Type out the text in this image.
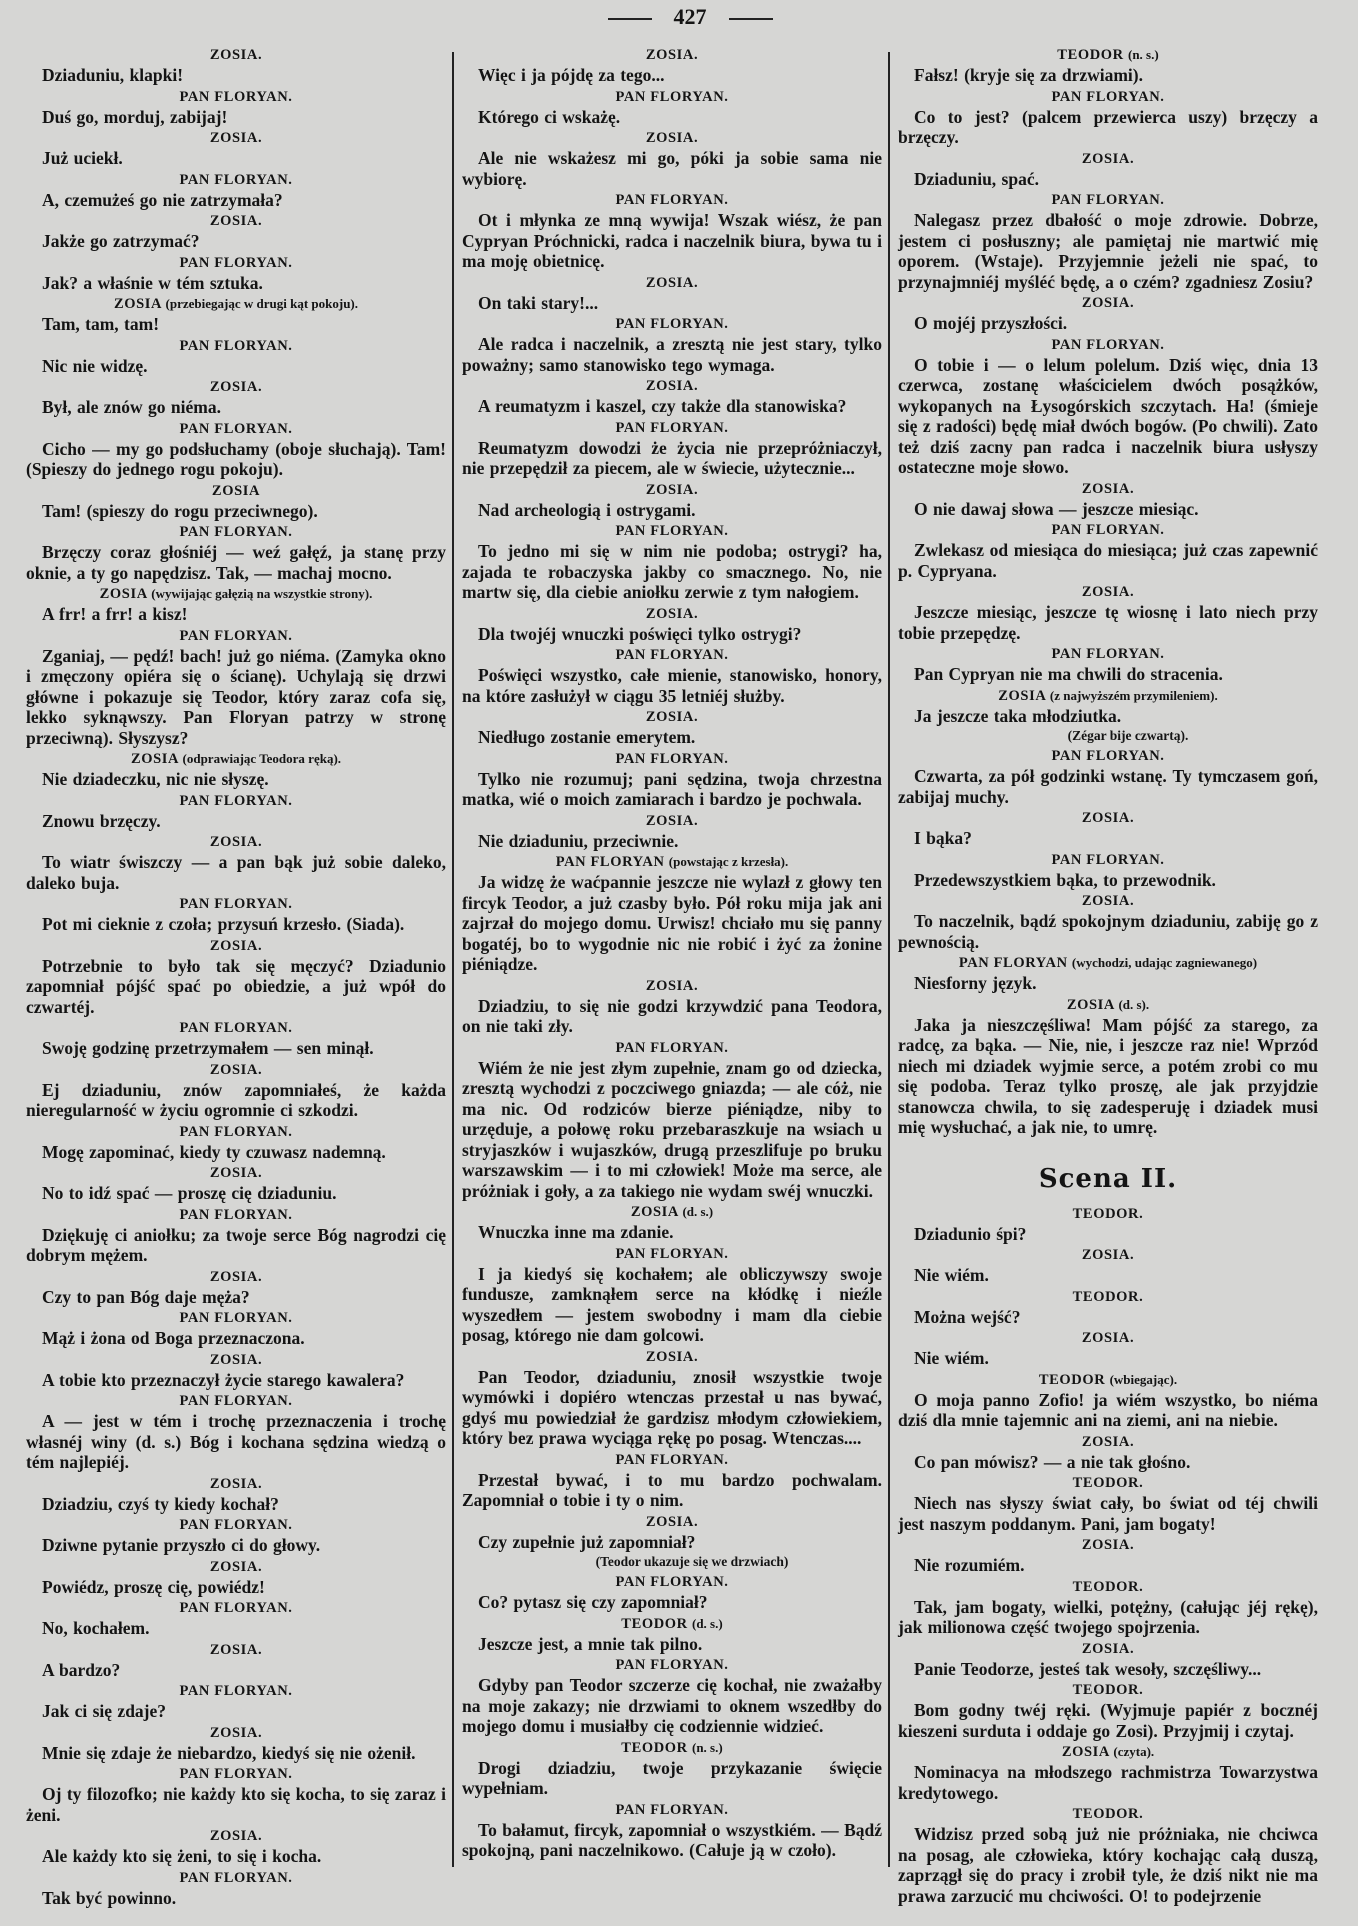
427
ZOSIA.

Dziaduniu, klapki!

PAN FLORYAN.

Duś go, morduj, zabijaj!

ZOSIA.

Już uciekł.

PAN FLORYAN.

A, czemużeś go nie zatrzymała?

ZOSIA.

Jakże go zatrzymać?

PAN FLORYAN.

Jak? a właśnie w tém sztuka.

ZOSIA (przebiegając w drugi kąt pokoju).

Tam, tam, tam!

PAN FLORYAN.

Nic nie widzę.

ZOSIA.

Był, ale znów go niéma.

PAN FLORYAN.

Cicho — my go podsłuchamy (oboje słuchają). Tam! (Spieszy do jednego rogu pokoju).

ZOSIA

Tam! (spieszy do rogu przeciwnego).

PAN FLORYAN.

Brzęczy coraz głośniéj — weź gałęź, ja stanę przy oknie, a ty go napędzisz. Tak, — machaj mocno.

ZOSIA (wywijając gałęzią na wszystkie strony).

A frr! a frr! a kisz!

PAN FLORYAN.

Zganiaj, — pędź! bach! już go niéma. (Zamyka okno i zmęczony opiéra się o ścianę). Uchylają się drzwi główne i pokazuje się Teodor, który zaraz cofa się, lekko syknąwszy. Pan Floryan patrzy w stronę przeciwną). Słyszysz?

ZOSIA (odprawiając Teodora ręką).

Nie dziadeczku, nic nie słyszę.

PAN FLORYAN.

Znowu brzęczy.

ZOSIA.

To wiatr świszczy — a pan bąk już sobie daleko, daleko buja.

PAN FLORYAN.

Pot mi cieknie z czoła; przysuń krzesło. (Siada).

ZOSIA.

Potrzebnie to było tak się męczyć? Dziadunio zapomniał pójść spać po obiedzie, a już wpół do czwartéj.

PAN FLORYAN.

Swoję godzinę przetrzymałem — sen minął.

ZOSIA.

Ej dziaduniu, znów zapomniałeś, że każda nieregularność w życiu ogromnie ci szkodzi.

PAN FLORYAN.

Mogę zapominać, kiedy ty czuwasz nademną.

ZOSIA.

No to idź spać — proszę cię dziaduniu.

PAN FLORYAN.

Dziękuję ci aniołku; za twoje serce Bóg nagrodzi cię dobrym mężem.

ZOSIA.

Czy to pan Bóg daje męża?

PAN FLORYAN.

Mąż i żona od Boga przeznaczona.

ZOSIA.

A tobie kto przeznaczył życie starego kawalera?

PAN FLORYAN.

A — jest w tém i trochę przeznaczenia i trochę własnéj winy (d. s.) Bóg i kochana sędzina wiedzą o tém najlepiéj.

ZOSIA.

Dziadziu, czyś ty kiedy kochał?

PAN FLORYAN.

Dziwne pytanie przyszło ci do głowy.

ZOSIA.

Powiédz, proszę cię, powiédz!

PAN FLORYAN.

No, kochałem.

ZOSIA.

A bardzo?

PAN FLORYAN.

Jak ci się zdaje?

ZOSIA.

Mnie się zdaje że niebardzo, kiedyś się nie ożenił.

PAN FLORYAN.

Oj ty filozofko; nie każdy kto się kocha, to się zaraz i żeni.

ZOSIA.

Ale każdy kto się żeni, to się i kocha.

PAN FLORYAN.

Tak być powinno.

ZOSIA.

Więc i ja pójdę za tego...

PAN FLORYAN.

Którego ci wskażę.

ZOSIA.

Ale nie wskażesz mi go, póki ja sobie sama nie wybiorę.

PAN FLORYAN.

Ot i młynka ze mną wywija! Wszak wiész, że pan Cypryan Próchnicki, radca i naczelnik biura, bywa tu i ma moję obietnicę.

ZOSIA.

On taki stary!...

PAN FLORYAN.

Ale radca i naczelnik, a zresztą nie jest stary, tylko poważny; samo stanowisko tego wymaga.

ZOSIA.

A reumatyzm i kaszel, czy także dla stanowiska?

PAN FLORYAN.

Reumatyzm dowodzi że życia nie przepróżniaczył, nie przepędził za piecem, ale w świecie, użytecznie...

ZOSIA.

Nad archeologią i ostrygami.

PAN FLORYAN.

To jedno mi się w nim nie podoba; ostrygi? ha, zajada te robaczyska jakby co smacznego. No, nie martw się, dla ciebie aniołku zerwie z tym nałogiem.

ZOSIA.

Dla twojéj wnuczki poświęci tylko ostrygi?

PAN FLORYAN.

Poświęci wszystko, całe mienie, stanowisko, honory, na które zasłużył w ciągu 35 letniéj służby.

ZOSIA.

Niedługo zostanie emerytem.

PAN FLORYAN.

Tylko nie rozumuj; pani sędzina, twoja chrzestna matka, wié o moich zamiarach i bardzo je pochwala.

ZOSIA.

Nie dziaduniu, przeciwnie.

PAN FLORYAN (powstając z krzesła).

Ja widzę że waćpannie jeszcze nie wylazł z głowy ten fircyk Teodor, a już czasby było. Pół roku mija jak ani zajrzał do mojego domu. Urwisz! chciało mu się panny bogatéj, bo to wygodnie nic nie robić i żyć za żonine piéniądze.

ZOSIA.

Dziadziu, to się nie godzi krzywdzić pana Teodora, on nie taki zły.

PAN FLORYAN.

Wiém że nie jest złym zupełnie, znam go od dziecka, zresztą wychodzi z poczciwego gniazda; — ale cóż, nie ma nic. Od rodziców bierze piéniądze, niby to urzęduje, a połowę roku przebaraszkuje na wsiach u stryjaszków i wujaszków, drugą przeszlifuje po bruku warszawskim — i to mi człowiek! Może ma serce, ale próżniak i goły, a za takiego nie wydam swéj wnuczki.

ZOSIA (d. s.)

Wnuczka inne ma zdanie.

PAN FLORYAN.

I ja kiedyś się kochałem; ale obliczywszy swoje fundusze, zamknąłem serce na kłódkę i nieźle wyszedłem — jestem swobodny i mam dla ciebie posag, którego nie dam golcowi.

ZOSIA.

Pan Teodor, dziaduniu, znosił wszystkie twoje wymówki i dopiéro wtenczas przestał u nas bywać, gdyś mu powiedział że gardzisz młodym człowiekiem, który bez prawa wyciąga rękę po posag. Wtenczas....

PAN FLORYAN.

Przestał bywać, i to mu bardzo pochwalam. Zapomniał o tobie i ty o nim.

ZOSIA.

Czy zupełnie już zapomniał?

(Teodor ukazuje się we drzwiach)
PAN FLORYAN.

Co? pytasz się czy zapomniał?

TEODOR (d. s.)

Jeszcze jest, a mnie tak pilno.

PAN FLORYAN.

Gdyby pan Teodor szczerze cię kochał, nie zważałby na moje zakazy; nie drzwiami to oknem wszedłby do mojego domu i musiałby cię codziennie widzieć.

TEODOR (n. s.)

Drogi dziadziu, twoje przykazanie święcie wypełniam.

PAN FLORYAN.

To bałamut, fircyk, zapomniał o wszystkiém. — Bądź spokojną, pani naczelnikowo. (Całuje ją w czoło).

TEODOR (n. s.)

Fałsz! (kryje się za drzwiami).

PAN FLORYAN.

Co to jest? (palcem przewierca uszy) brzęczy a brzęczy.

ZOSIA.

Dziaduniu, spać.

PAN FLORYAN.

Nalegasz przez dbałość o moje zdrowie. Dobrze, jestem ci posłuszny; ale pamiętaj nie martwić mię oporem. (Wstaje). Przyjemnie jeżeli nie spać, to przynajmniéj myśléć będę, a o czém? zgadniesz Zosiu?

ZOSIA.

O mojéj przyszłości.

PAN FLORYAN.

O tobie i — o lelum polelum. Dziś więc, dnia 13 czerwca, zostanę właścicielem dwóch posążków, wykopanych na Łysogórskich szczytach. Ha! (śmieje się z radości) będę miał dwóch bogów. (Po chwili). Zato też dziś zacny pan radca i naczelnik biura usłyszy ostateczne moje słowo.

ZOSIA.

O nie dawaj słowa — jeszcze miesiąc.

PAN FLORYAN.

Zwlekasz od miesiąca do miesiąca; już czas zapewnić p. Cypryana.

ZOSIA.

Jeszcze miesiąc, jeszcze tę wiosnę i lato niech przy tobie przepędzę.

PAN FLORYAN.

Pan Cypryan nie ma chwili do stracenia.

ZOSIA (z najwyższém przymileniem).

Ja jeszcze taka młodziutka.

(Zégar bije czwartą).
PAN FLORYAN.

Czwarta, za pół godzinki wstanę. Ty tymczasem goń, zabijaj muchy.

ZOSIA.

I bąka?

PAN FLORYAN.

Przedewszystkiem bąka, to przewodnik.

ZOSIA.

To naczelnik, bądź spokojnym dziaduniu, zabiję go z pewnością.

PAN FLORYAN (wychodzi, udając zagniewanego)

Niesforny język.

ZOSIA (d. s).

Jaka ja nieszczęśliwa! Mam pójść za starego, za radcę, za bąka. — Nie, nie, i jeszcze raz nie! Wprzód niech mi dziadek wyjmie serce, a potém zrobi co mu się podoba. Teraz tylko proszę, ale jak przyjdzie stanowcza chwila, to się zadesperuję i dziadek musi mię wysłuchać, a jak nie, to umrę.

Scena II.
TEODOR.

Dziadunio śpi?

ZOSIA.

Nie wiém.

TEODOR.

Można wejść?

ZOSIA.

Nie wiém.

TEODOR (wbiegając).

O moja panno Zofio! ja wiém wszystko, bo niéma dziś dla mnie tajemnic ani na ziemi, ani na niebie.

ZOSIA.

Co pan mówisz? — a nie tak głośno.

TEODOR.

Niech nas słyszy świat cały, bo świat od téj chwili jest naszym poddanym. Pani, jam bogaty!

ZOSIA.

Nie rozumiém.

TEODOR.

Tak, jam bogaty, wielki, potężny, (całując jéj rękę), jak milionowa część twojego spojrzenia.

ZOSIA.

Panie Teodorze, jesteś tak wesoły, szczęśliwy...

TEODOR.

Bom godny twéj ręki. (Wyjmuje papiér z bocznéj kieszeni surduta i oddaje go Zosi). Przyjmij i czytaj.

ZOSIA (czyta).

Nominacya na młodszego rachmistrza Towarzystwa kredytowego.

TEODOR.

Widzisz przed sobą już nie próżniaka, nie chciwca na posag, ale człowieka, który kochając całą duszą, zaprzągł się do pracy i zrobił tyle, że dziś nikt nie ma prawa zarzucić mu chciwości. O! to podejrzenie
